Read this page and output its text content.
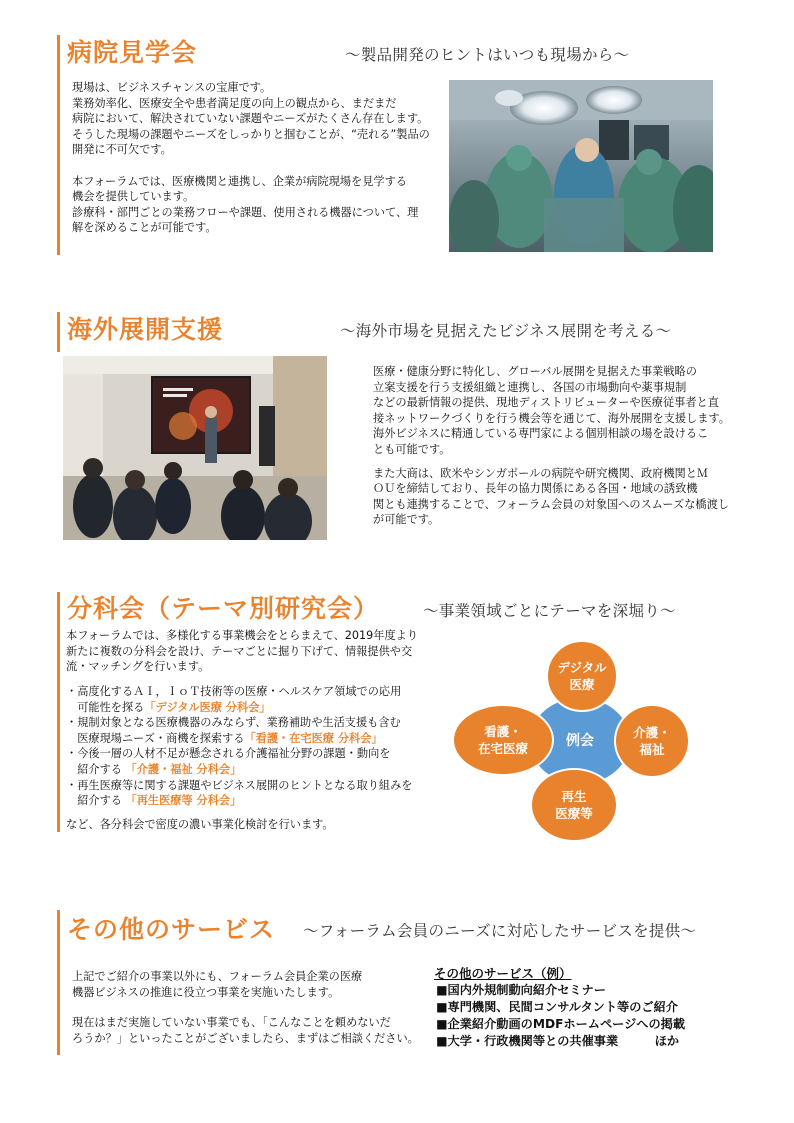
病院見学会	～製品開発のヒントはいつも現場から～

現場は、ビジネスチャンスの宝庫です。

業務効率化、医療安全や患者満足度の向上の観点から、まだまだ

病院において、解決されていない課題やニーズがたくさん存在します。

そうした現場の課題やニーズをしっかりと掴むことが、“売れる”製品の

開発に不可欠です。

本フォーラムでは、医療機関と連携し、企業が病院現場を見学する

機会を提供しています。

診療科・部門ごとの業務フローや課題、使用される機器について、理

解を深めることが可能です。

海外展開支援	～海外市場を見据えたビジネス展開を考える～

医療・健康分野に特化し、グローバル展開を見据えた事業戦略の

立案支援を行う支援組織と連携し、各国の市場動向や薬事規制

などの最新情報の提供、現地ディストリビューターや医療従事者と直

接ネットワークづくりを行う機会等を通じて、海外展開を支援します。

海外ビジネスに精通している専門家による個別相談の場を設けるこ

とも可能です。

また大商は、欧米やシンガポールの病院や研究機関、政府機関とＭ

ＯＵを締結しており、長年の協力関係にある各国・地域の誘致機

関とも連携することで、フォーラム会員の対象国へのスムーズな橋渡し

が可能です。

分科会（テーマ別研究会）	～事業領域ごとにテーマを深堀り～

本フォーラムでは、多様化する事業機会をとらまえて、2019年度より

新たに複数の分科会を設け、テーマごとに掘り下げて、情報提供や交

流・マッチングを行います。

・高度化するＡＩ，ＩｏＴ技術等の医療・ヘルスケア領域での応用
　可能性を探る「デジタル医療 分科会」
・規制対象となる医療機器のみならず、業務補助や生活支援も含む
　医療現場ニーズ・商機を探索する「看護・在宅医療 分科会」
・今後一層の人材不足が懸念される介護福祉分野の課題・動向を
　紹介する 「介護・福祉 分科会」
・再生医療等に関する課題やビジネス展開のヒントとなる取り組みを
　紹介する 「再生医療等 分科会」
など、各分科会で密度の濃い事業化検討を行います。
例会
デジタル
医療
看護・
在宅医療
介護・
福祉
再生
医療等
その他のサービス ～フォーラム会員のニーズに対応したサービスを提供～

上記でご紹介の事業以外にも、フォーラム会員企業の医療

機器ビジネスの推進に役立つ事業を実施いたします。

現在はまだ実施していない事業でも、「こんなことを頼めないだ

ろうか？」といったことがございましたら、まずはご相談ください。

その他のサービス（例）
■国内外規制動向紹介セミナー
■専門機関、民間コンサルタント等のご紹介
■企業紹介動画のMDFホームページへの掲載
■大学・行政機関等との共催事業　　　ほか
